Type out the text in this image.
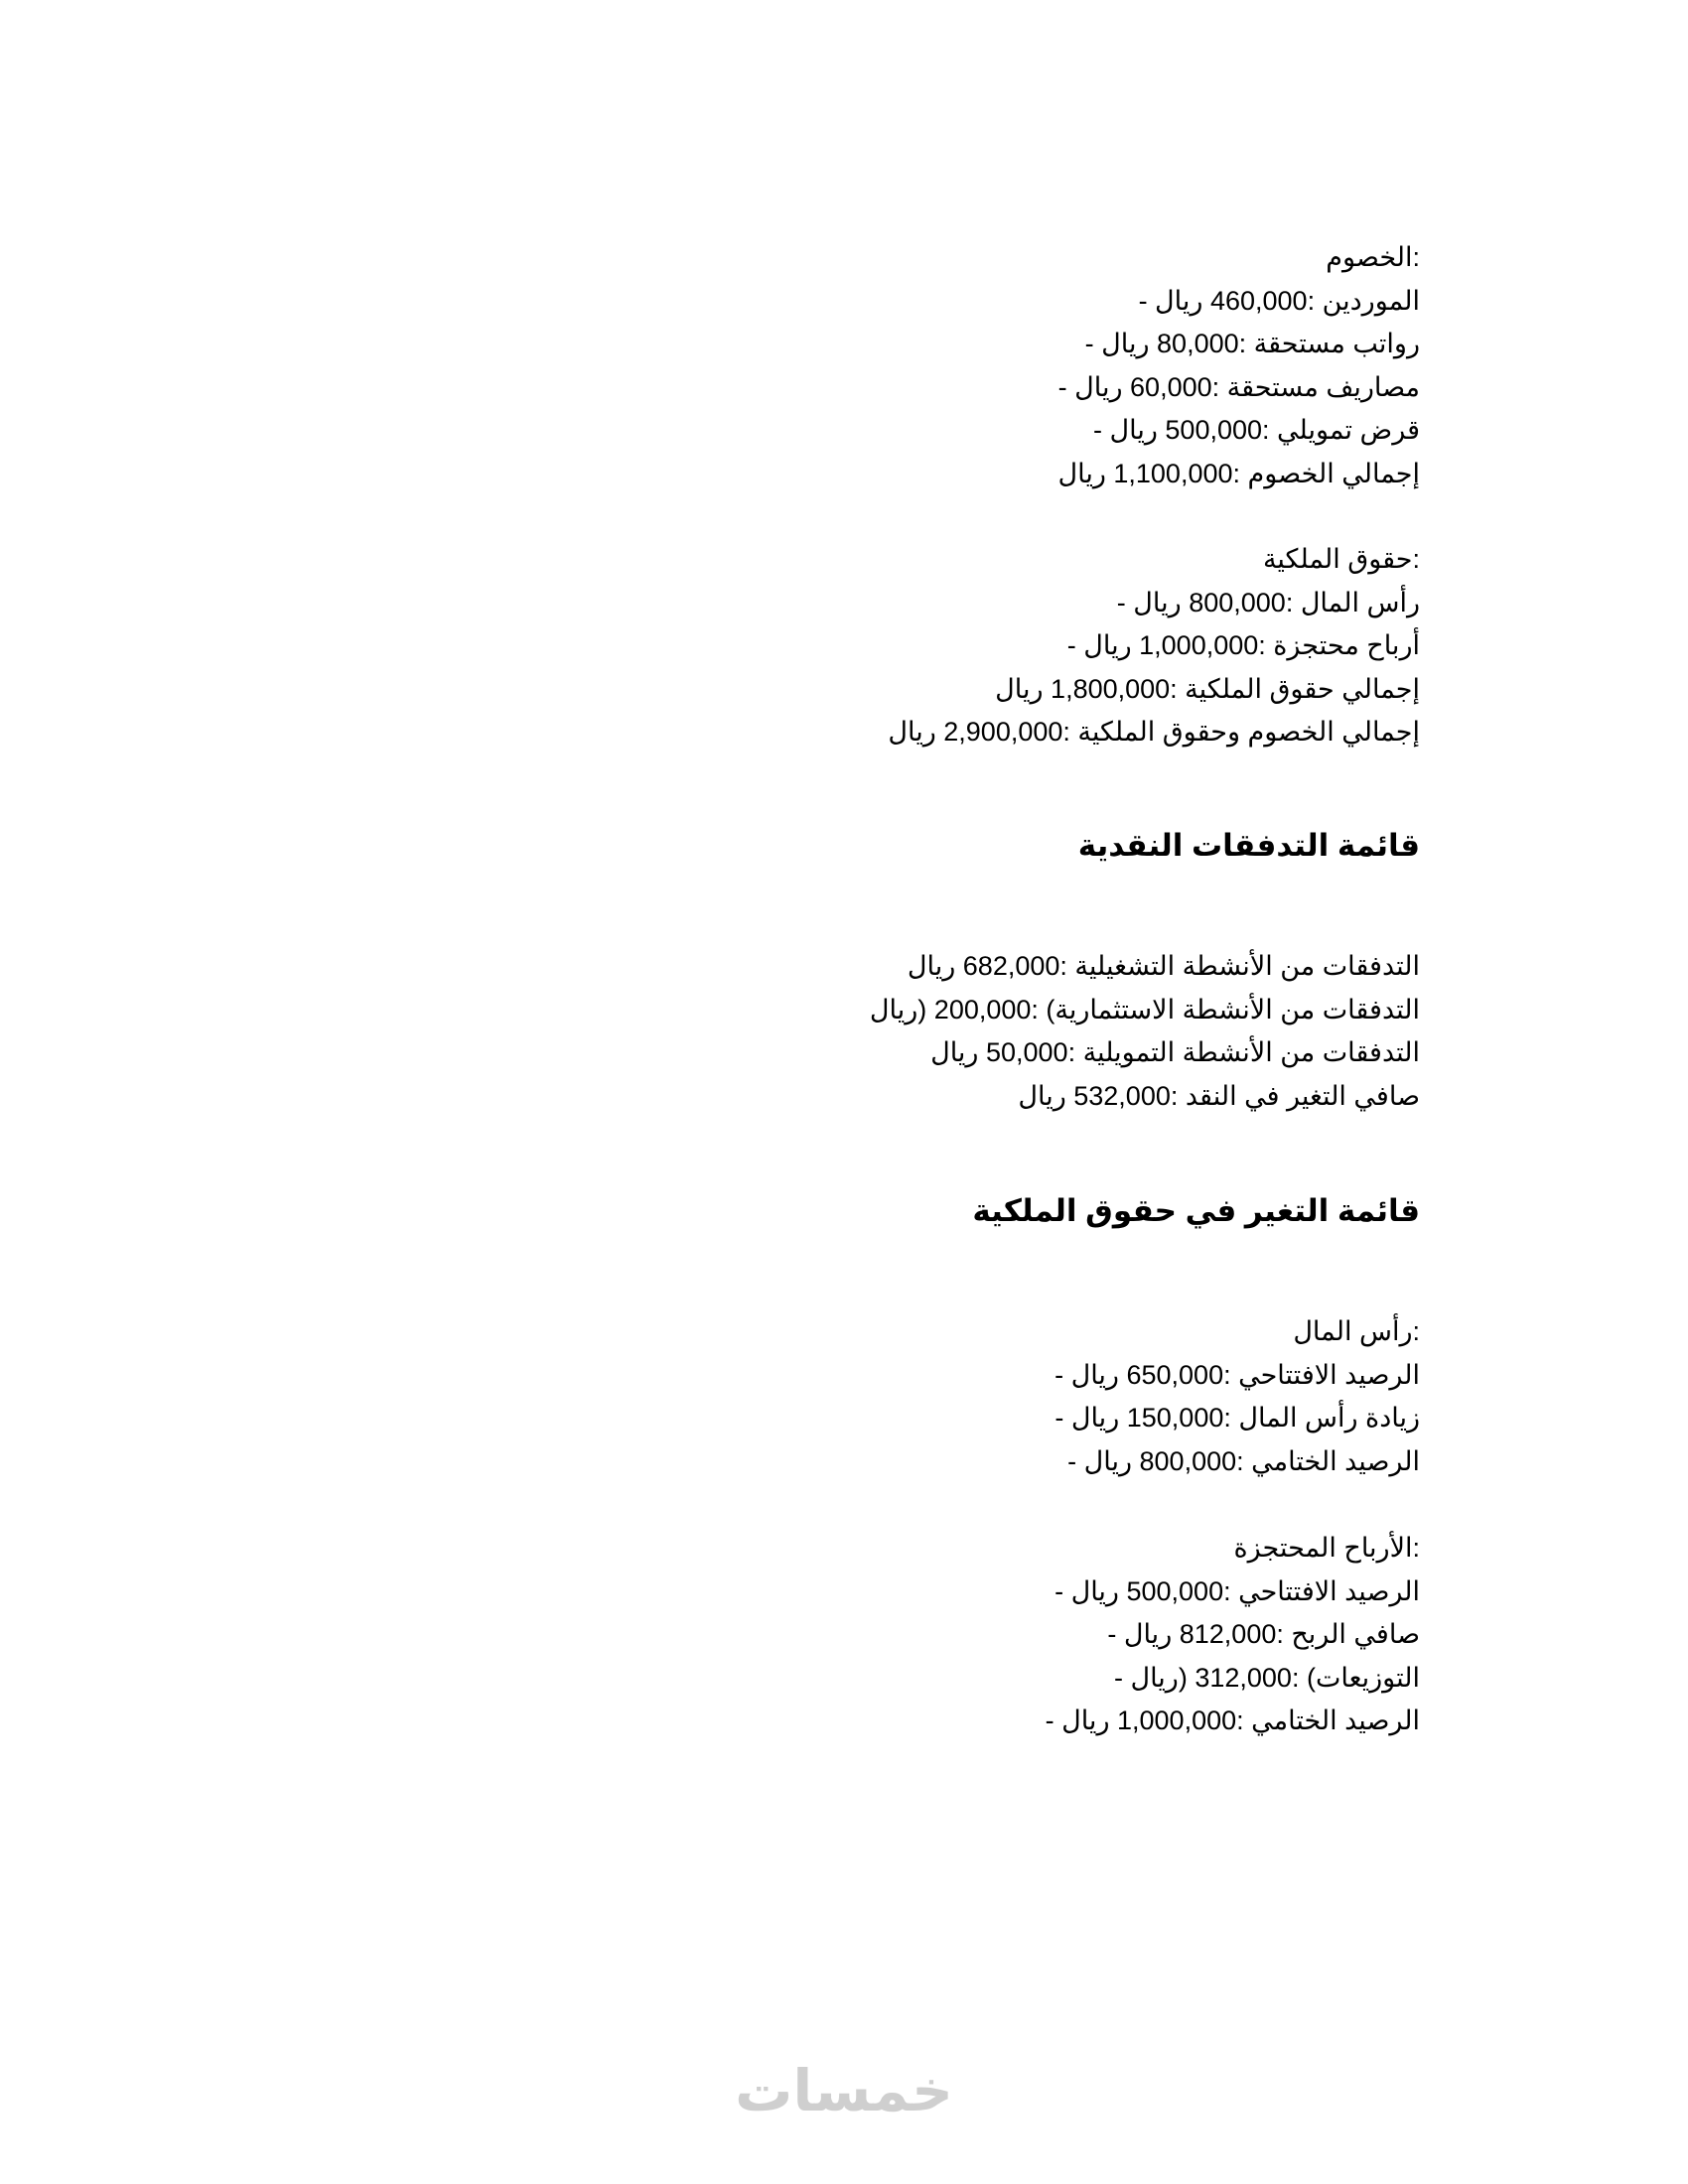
:الخصوم
الموردين :460,000 ريال -
رواتب مستحقة :80,000 ريال -
مصاريف مستحقة :60,000 ريال -
قرض تمويلي :500,000 ريال -
إجمالي الخصوم :1,100,000 ريال
:حقوق الملكية
رأس المال :800,000 ريال -
أرباح محتجزة :1,000,000 ريال -
إجمالي حقوق الملكية :1,800,000 ريال
إجمالي الخصوم وحقوق الملكية :2,900,000 ريال
قائمة التدفقات النقدية
التدفقات من الأنشطة التشغيلية :682,000 ريال
التدفقات من الأنشطة الاستثمارية) :200,000 (ريال
التدفقات من الأنشطة التمويلية :50,000 ريال
صافي التغير في النقد :532,000 ريال
قائمة التغير في حقوق الملكية
:رأس المال
الرصيد الافتتاحي :650,000 ريال -
زيادة رأس المال :150,000 ريال -
الرصيد الختامي :800,000 ريال -
:الأرباح المحتجزة
الرصيد الافتتاحي :500,000 ريال -
صافي الربح :812,000 ريال -
التوزيعات) :312,000 (ريال -
الرصيد الختامي :1,000,000 ريال -
خمسات
